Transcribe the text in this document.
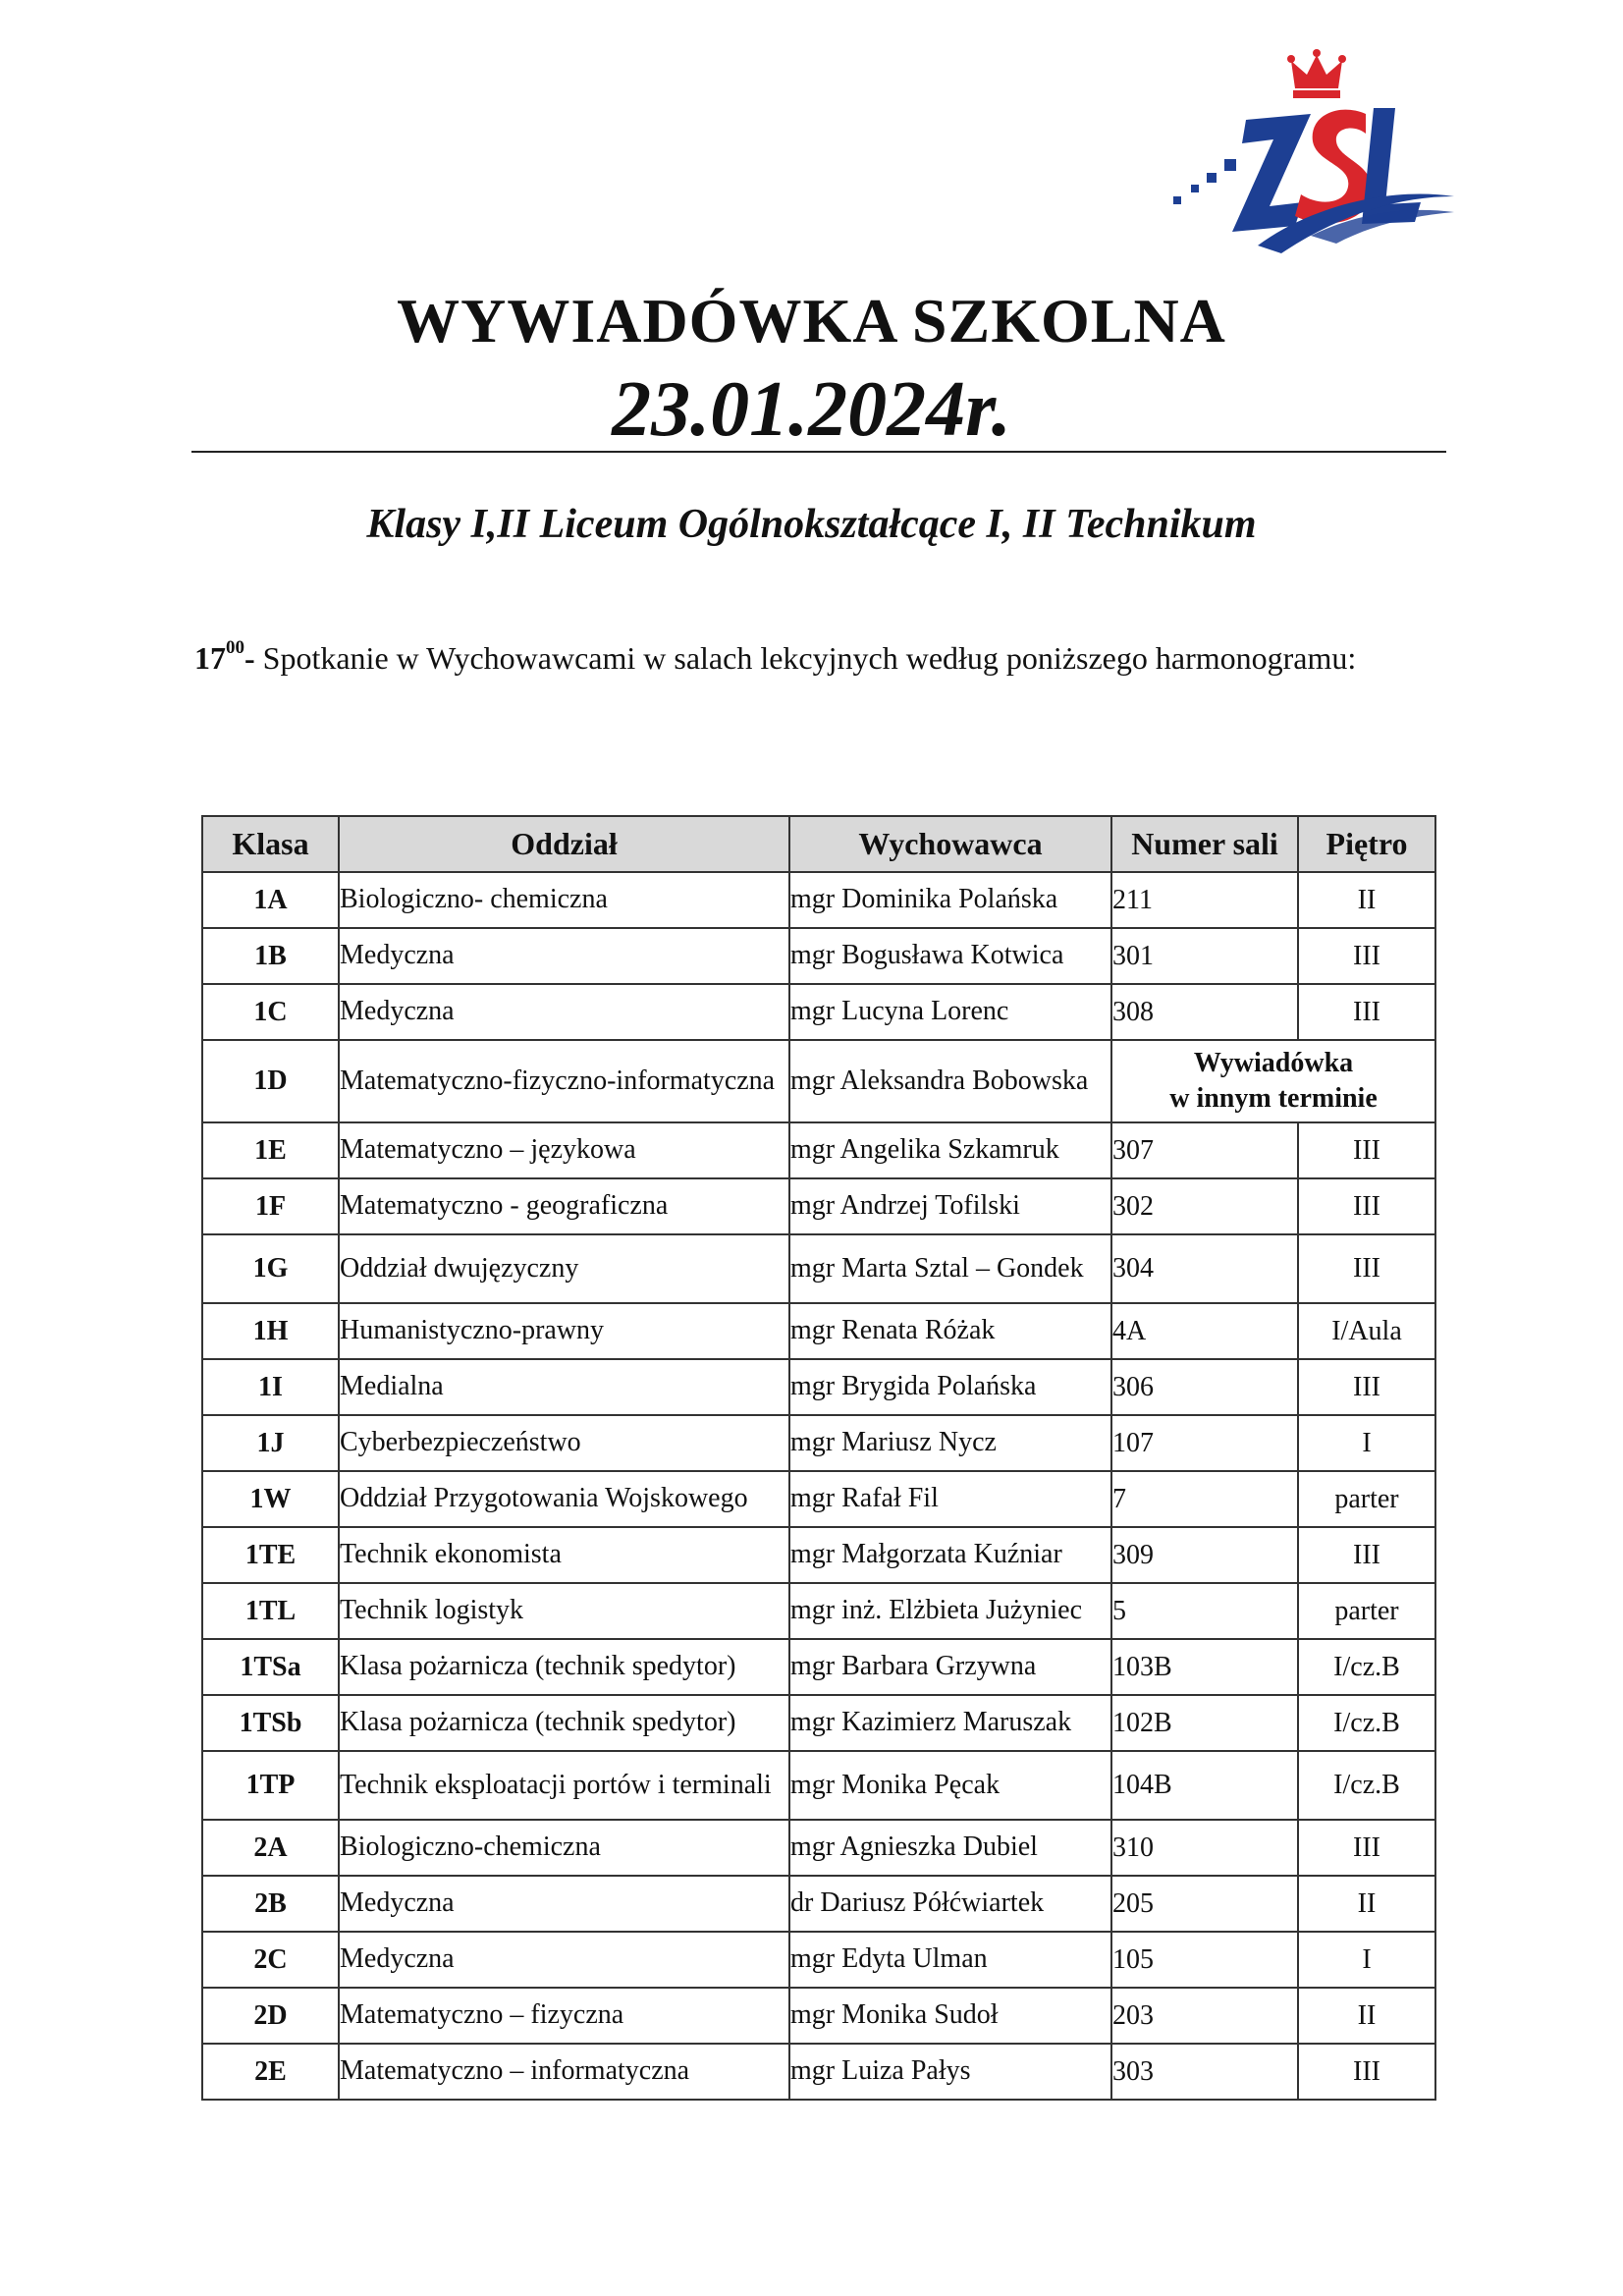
WYWIADÓWKA SZKOLNA
23.01.2024r.
Klasy I,II Liceum Ogólnokształcące I, II Technikum
$17^{00}-$ Spotkanie w Wychowawcami w salach lekcyjnych według poniższego harmonogramu:
Klasa	Oddział	Wychowawca	Numer sali	Piętro
1A	Biologiczno- chemiczna	mgr Dominika Polańska	211	II
1B	Medyczna	mgr Bogusława Kotwica	301	III
1C	Medyczna	mgr Lucyna Lorenc	308	III
1D	Matematyczno-fizyczno-informatyczna	mgr Aleksandra Bobowska	Wywiadówka
w innym terminie	

1E	Matematyczno – językowa	mgr Angelika Szkamruk	307	III
1F	Matematyczno - geograficzna	mgr Andrzej Tofilski	302	III
1G	Oddział dwujęzyczny	mgr Marta Sztal – Gondek	304	III
1H	Humanistyczno-prawny	mgr Renata Różak	4A	I/Aula
1I	Medialna	mgr Brygida Polańska	306	III
1J	Cyberbezpieczeństwo	mgr Mariusz Nycz	107	I
1W	Oddział Przygotowania Wojskowego	mgr Rafał Fil	7	parter
1TE	Technik ekonomista	mgr Małgorzata Kuźniar	309	III
1TL	Technik logistyk	mgr inż. Elżbieta Jużyniec	5	parter
1TSa	Klasa pożarnicza (technik spedytor)	mgr Barbara Grzywna	103B	I/cz.B
1TSb	Klasa pożarnicza (technik spedytor)	mgr Kazimierz Maruszak	102B	I/cz.B
1TP	Technik eksploatacji portów i terminali	mgr Monika Pęcak	104B	I/cz.B
2A	Biologiczno-chemiczna	mgr Agnieszka Dubiel	310	III
2B	Medyczna	dr Dariusz Półćwiartek	205	II
2C	Medyczna	mgr Edyta Ulman	105	I
2D	Matematyczno – fizyczna	mgr Monika Sudoł	203	II
2E	Matematyczno – informatyczna	mgr Luiza Pałys	303	III
